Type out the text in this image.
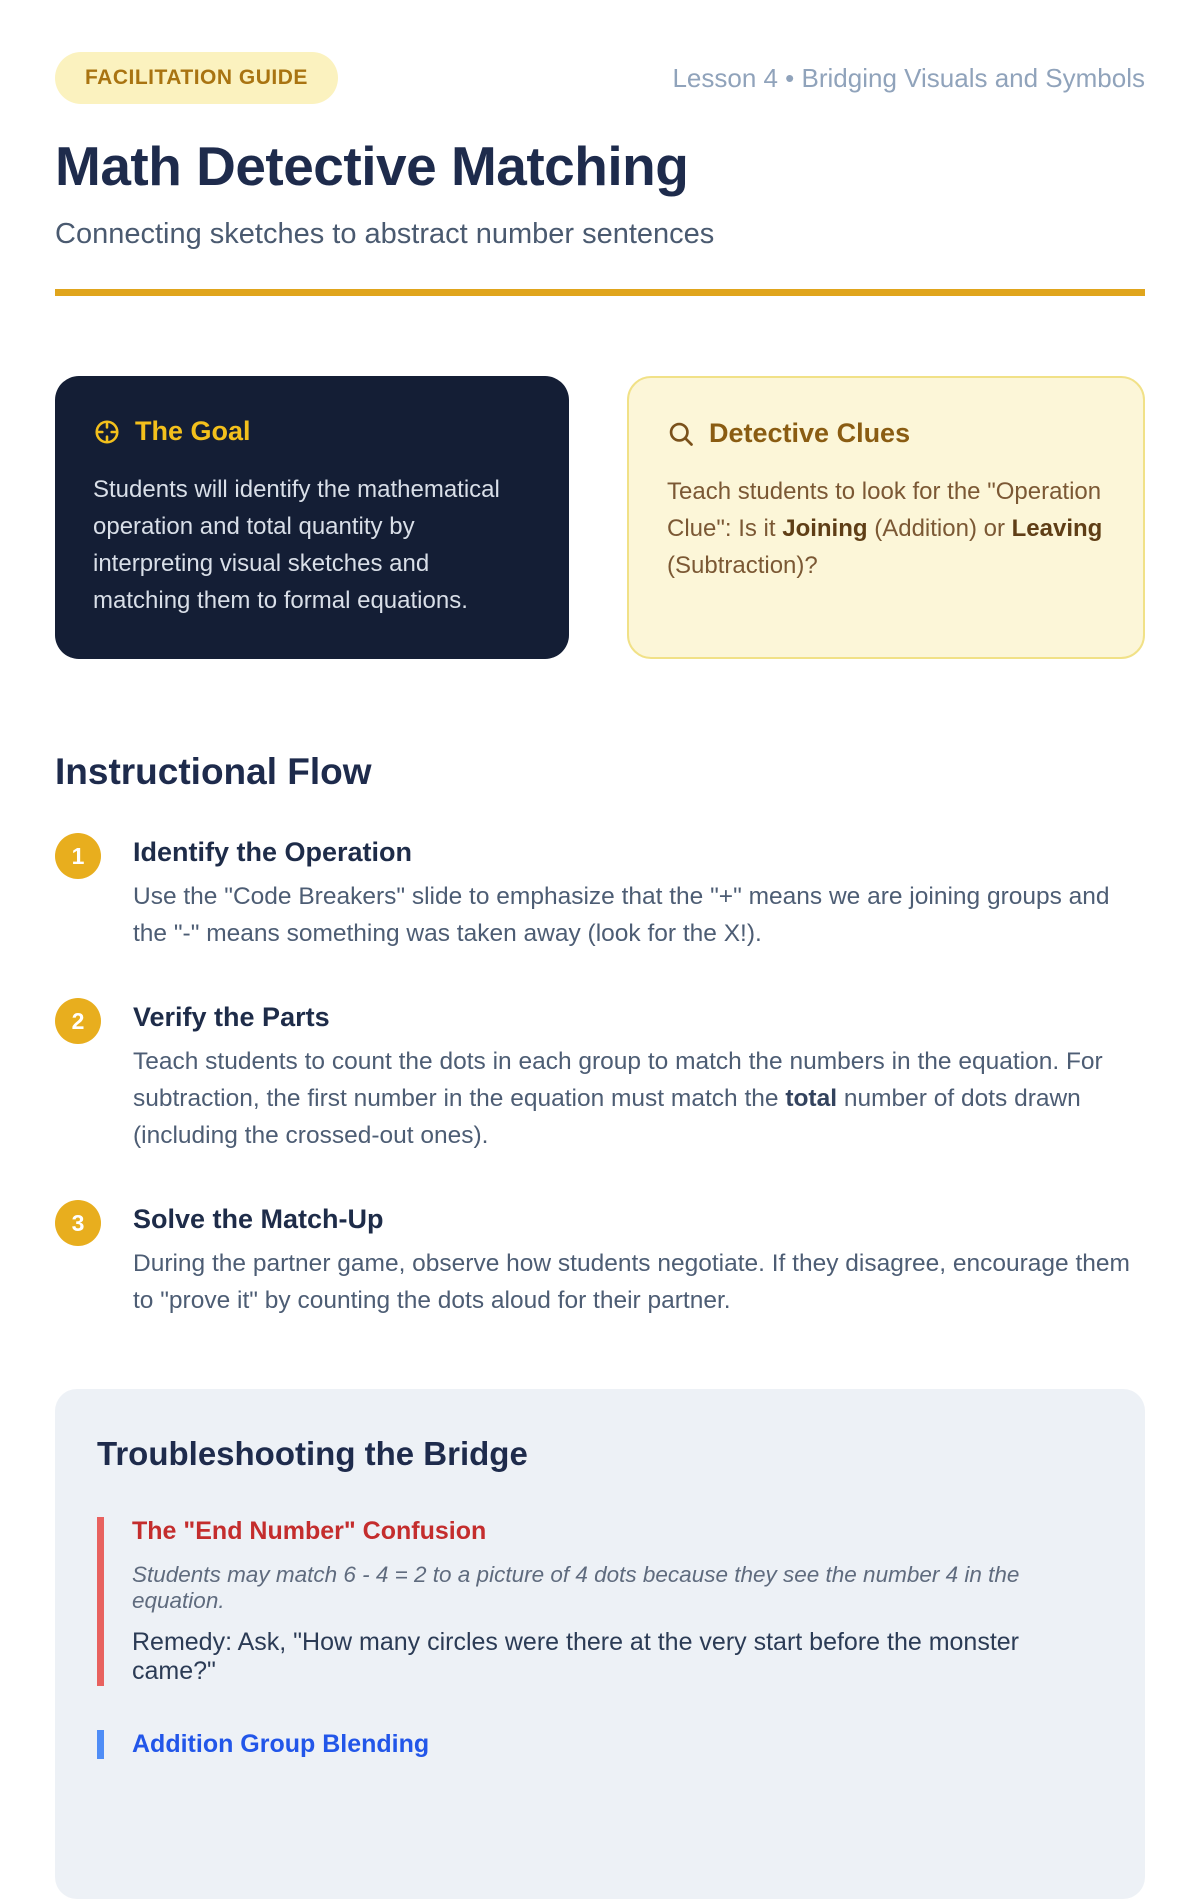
FACILITATION GUIDE	Lesson 4 • Bridging Visuals and Symbols
Math Detective Matching
Connecting sketches to abstract number sentences
The Goal
Students will identify the mathematical operation and total quantity by interpreting visual sketches and matching them to formal equations.
Detective Clues
Teach students to look for the "Operation Clue": Is it Joining (Addition) or Leaving (Subtraction)?
Instructional Flow
1	Identify the Operation
Use the "Code Breakers" slide to emphasize that the "+" means we are joining groups and the "-" means something was taken away (look for the X!).
2	Verify the Parts
Teach students to count the dots in each group to match the numbers in the equation. For subtraction, the first number in the equation must match the total number of dots drawn (including the crossed-out ones).
3	Solve the Match-Up
During the partner game, observe how students negotiate. If they disagree, encourage them to "prove it" by counting the dots aloud for their partner.
Troubleshooting the Bridge
The "End Number" Confusion
Students may match 6 - 4 = 2 to a picture of 4 dots because they see the number 4 in the equation.
Remedy: Ask, "How many circles were there at the very start before the monster came?"
Addition Group Blending
